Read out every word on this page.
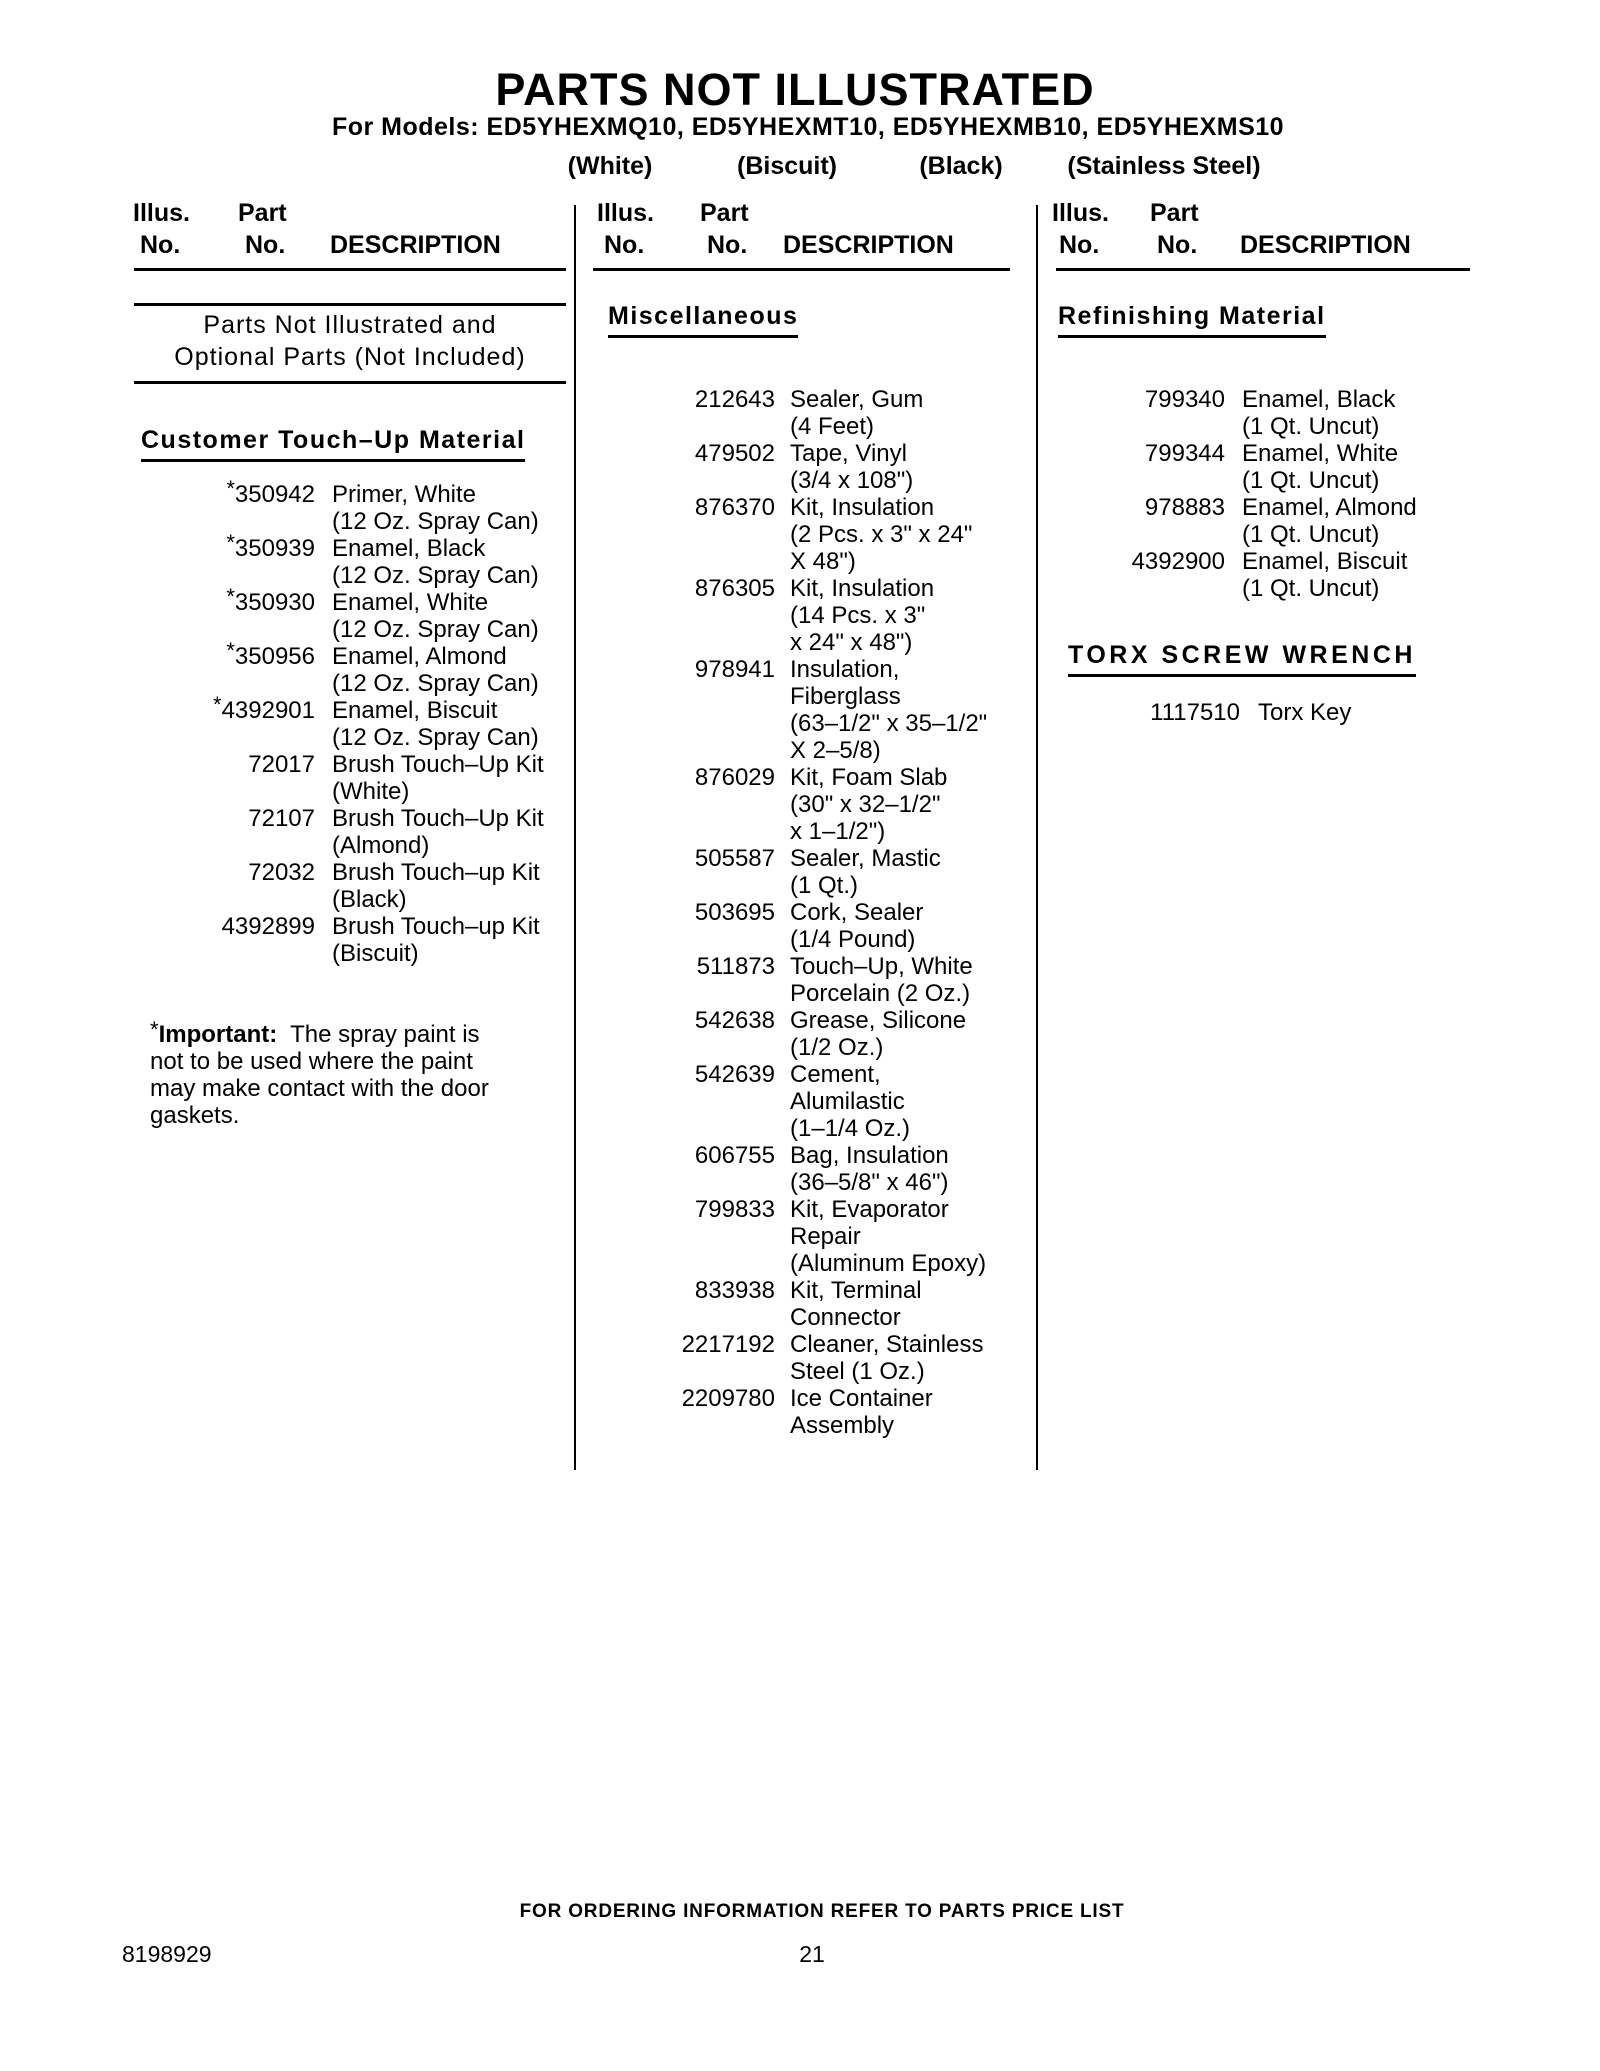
PARTS NOT ILLUSTRATED
For Models: ED5YHEXMQ10, ED5YHEXMT10, ED5YHEXMB10, ED5YHEXMS10
(White)	(Biscuit)	(Black)	(Stainless Steel)
Illus.
No.
Part
No. DESCRIPTION
Illus.
No.
Part
No. DESCRIPTION
Illus.
No.
Part
No. DESCRIPTION
Parts Not Illustrated and
Optional Parts (Not Included)
Customer Touch–Up Material
Miscellaneous	Refinishing Material
TORX SCREW WRENCH
*350942 Primer, White
(12 Oz. Spray Can)
*350939 Enamel, Black
(12 Oz. Spray Can)
*350930 Enamel, White
(12 Oz. Spray Can)
*350956 Enamel, Almond
(12 Oz. Spray Can)
*4392901 Enamel, Biscuit
(12 Oz. Spray Can)
72017 Brush Touch–Up Kit
(White)
72107 Brush Touch–Up Kit
(Almond)
72032 Brush Touch–up Kit
(Black)
4392899 Brush Touch–up Kit
(Biscuit)
212643 Sealer, Gum
(4 Feet)
479502 Tape, Vinyl
(3/4 x 108")
876370 Kit, Insulation
(2 Pcs. x 3" x 24"
X 48")
876305 Kit, Insulation
(14 Pcs. x 3"
x 24" x 48")
978941 Insulation,
Fiberglass
(63–1/2" x 35–1/2"
X 2–5/8)
876029 Kit, Foam Slab
(30" x 32–1/2"
x 1–1/2")
505587 Sealer, Mastic
(1 Qt.)
503695 Cork, Sealer
(1/4 Pound)
511873 Touch–Up, White
Porcelain (2 Oz.)
542638 Grease, Silicone
(1/2 Oz.)
542639 Cement,
Alumilastic
(1–1/4 Oz.)
606755 Bag, Insulation
(36–5/8" x 46")
799833 Kit, Evaporator
Repair
(Aluminum Epoxy)
833938 Kit, Terminal
Connector
2217192 Cleaner, Stainless
Steel (1 Oz.)
2209780 Ice Container
Assembly
799340 Enamel, Black
(1 Qt. Uncut)
799344 Enamel, White
(1 Qt. Uncut)
978883 Enamel, Almond
(1 Qt. Uncut)
4392900 Enamel, Biscuit
(1 Qt. Uncut)
1117510 Torx Key
*Important:  The spray paint is
not to be used where the paint
may make contact with the door
gaskets.
FOR ORDERING INFORMATION REFER TO PARTS PRICE LIST
8198929	21
